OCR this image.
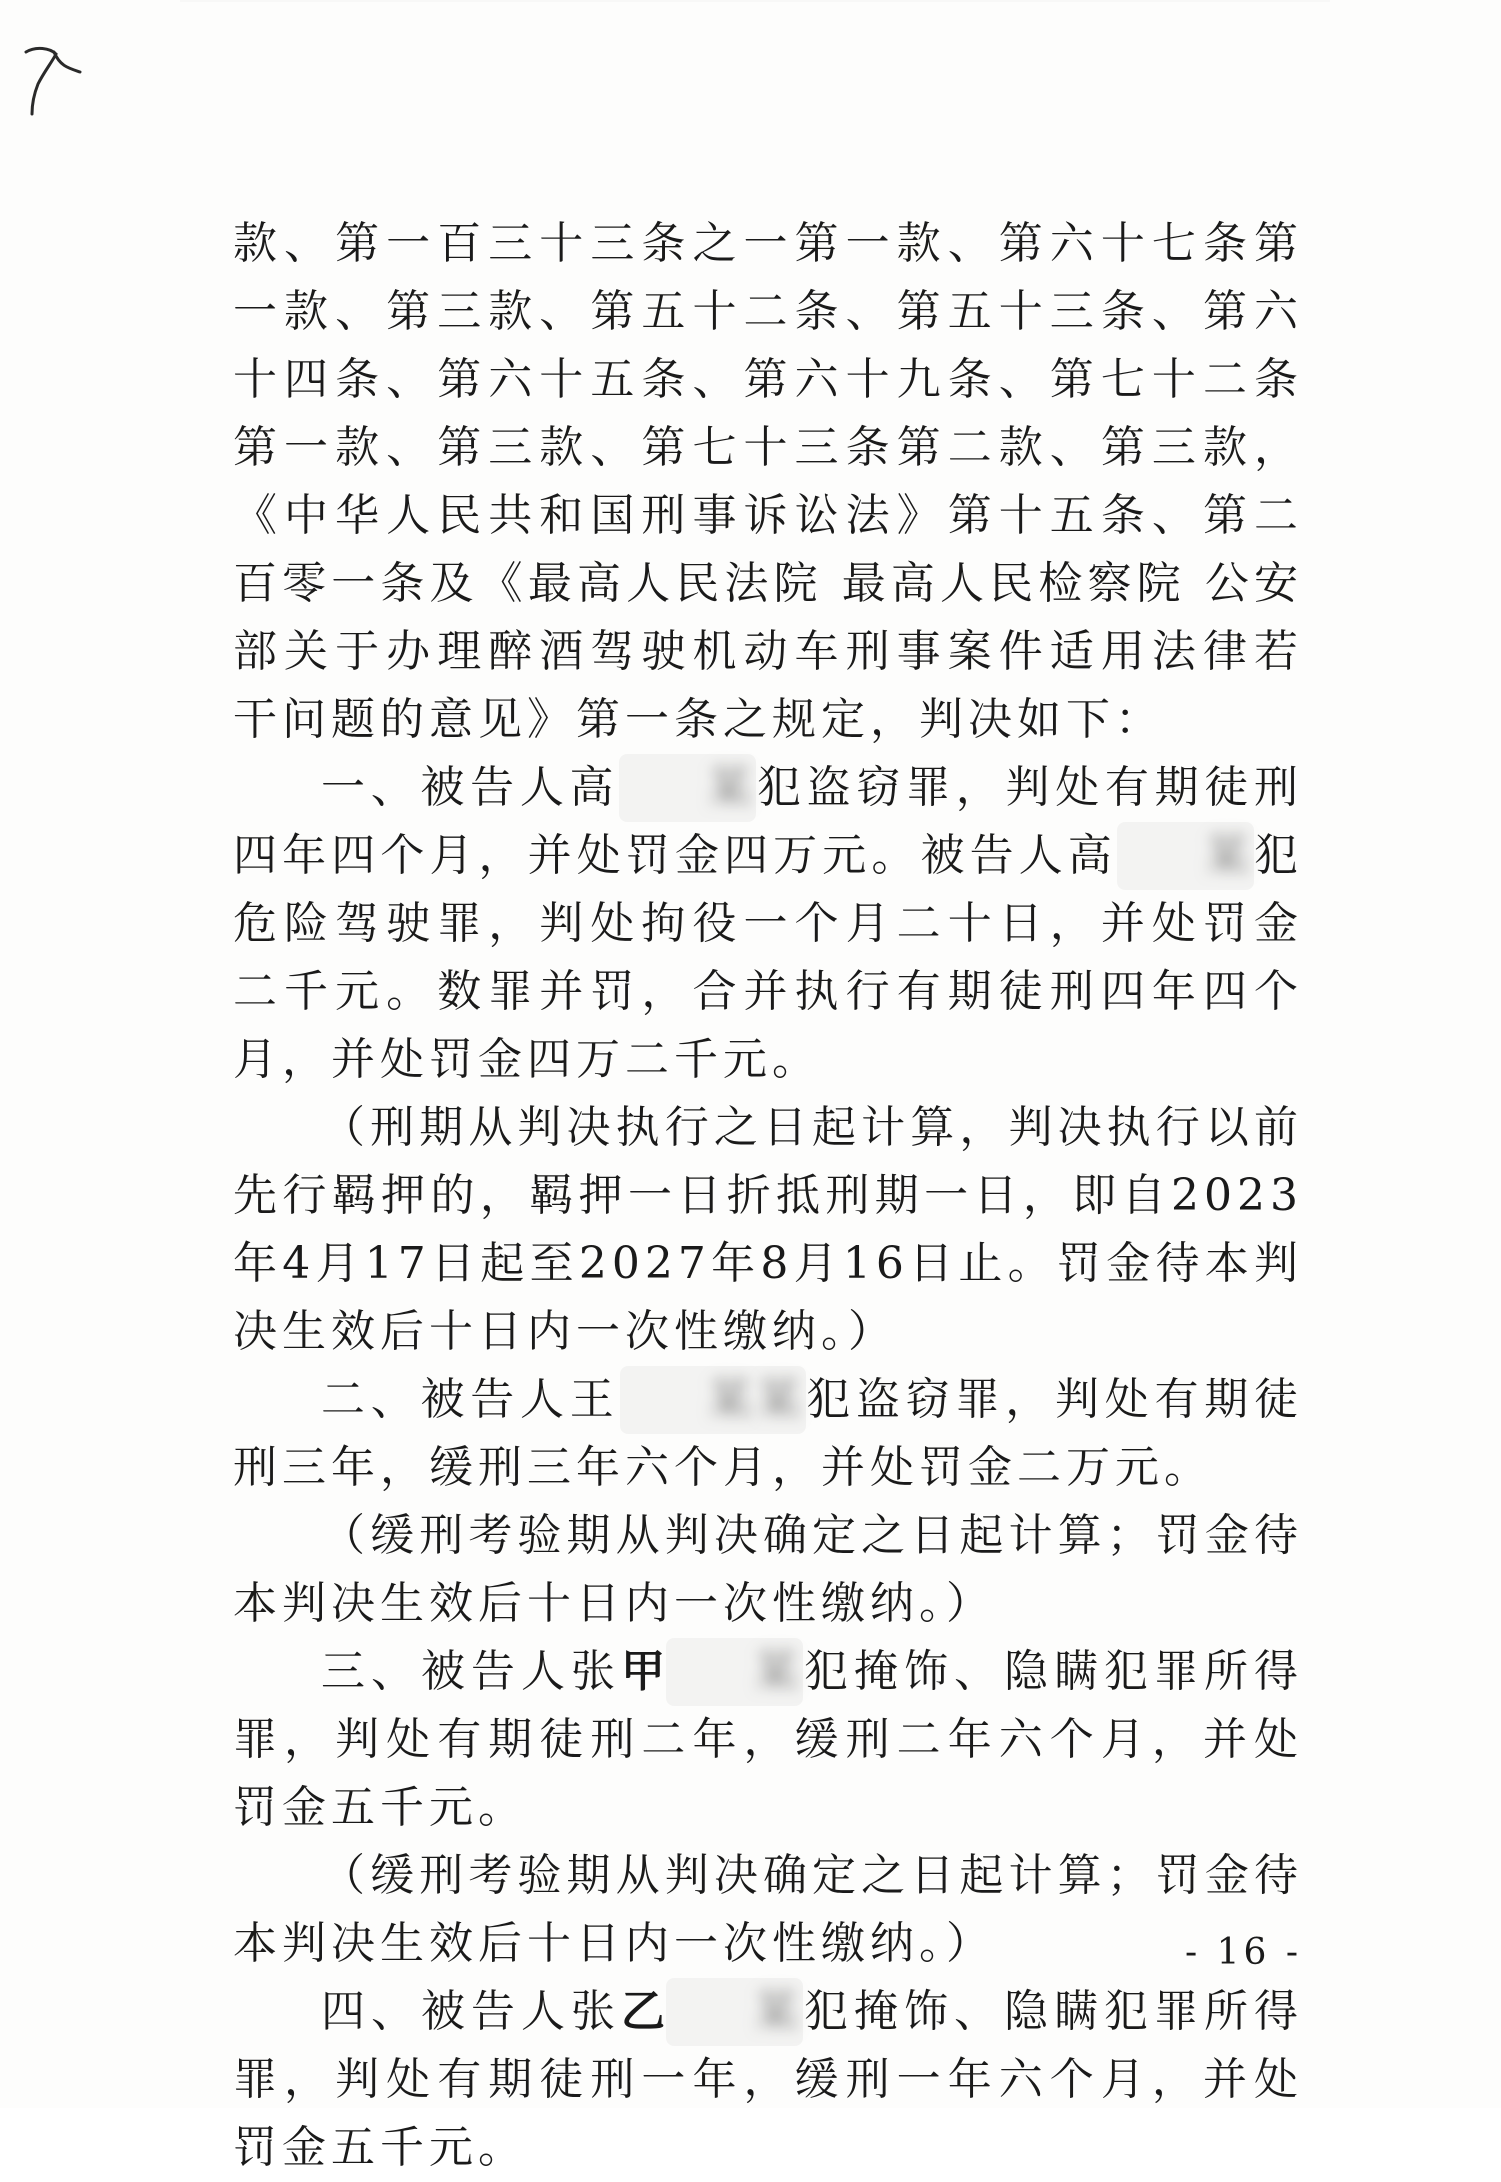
款、第一百三十三条之一第一款、第六十七条第一款、第三款、第五十二条、第五十三条、第六十四条、第六十五条、第六十九条、第七十二条第一款、第三款、第七十三条第二款、第三款，《中华人民共和国刑事诉讼法》第十五条、第二百零一条及《最高人民法院 最高人民检察院 公安部关于办理醉酒驾驶机动车刑事案件适用法律若干问题的意见》第一条之规定，判决如下：

一、被告人高 某犯盗窃罪，判处有期徒刑四年四个月，并处罚金四万元。被告人高 某犯危险驾驶罪，判处拘役一个月二十日，并处罚金二千元。数罪并罚，合并执行有期徒刑四年四个月，并处罚金四万二千元。

（刑期从判决执行之日起计算，判决执行以前先行羁押的，羁押一日折抵刑期一日，即自2023年4月17日起至2027年8月16日止。罚金待本判决生效后十日内一次性缴纳。）

二、被告人王 某某犯盗窃罪，判处有期徒刑三年，缓刑三年六个月，并处罚金二万元。

（缓刑考验期从判决确定之日起计算；罚金待本判决生效后十日内一次性缴纳。）

三、被告人张甲 某犯掩饰、隐瞒犯罪所得罪，判处有期徒刑二年，缓刑二年六个月，并处罚金五千元。

（缓刑考验期从判决确定之日起计算；罚金待本判决生效后十日内一次性缴纳。）

四、被告人张乙 某犯掩饰、隐瞒犯罪所得罪，判处有期徒刑一年，缓刑一年六个月，并处罚金五千元。

- 16 -
